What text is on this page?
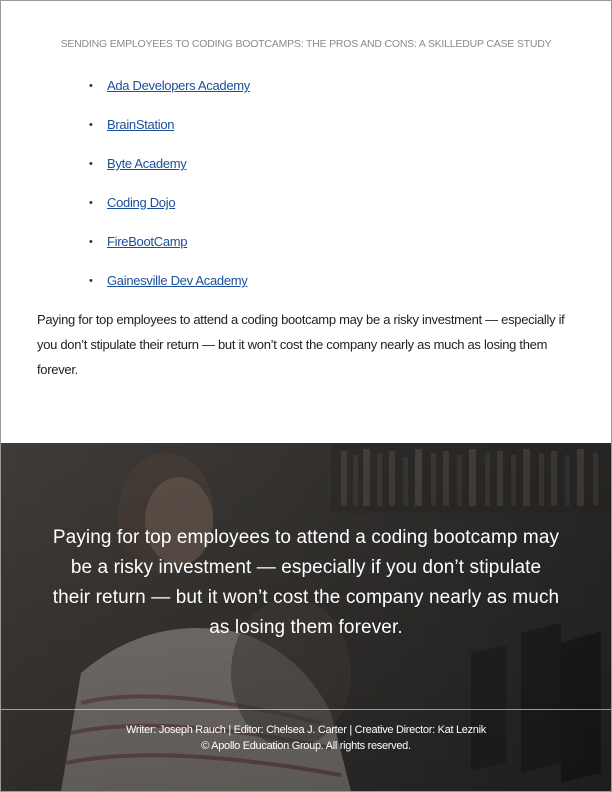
SENDING EMPLOYEES TO CODING BOOTCAMPS: THE PROS AND CONS: A SKILLEDUP CASE STUDY
• Ada Developers Academy
• BrainStation
• Byte Academy
• Coding Dojo
• FireBootCamp
• Gainesville Dev Academy

Paying for top employees to attend a coding bootcamp may be a risky investment — especially if you don’t stipulate their return — but it won’t cost the company nearly as much as losing them forever.

Paying for top employees to attend a coding bootcamp may be a risky investment — especially if you don’t stipulate their return — but it won’t cost the company nearly as much as losing them forever.

Writer: Joseph Rauch | Editor: Chelsea J. Carter | Creative Director: Kat Leznik
© Apollo Education Group. All rights reserved.
